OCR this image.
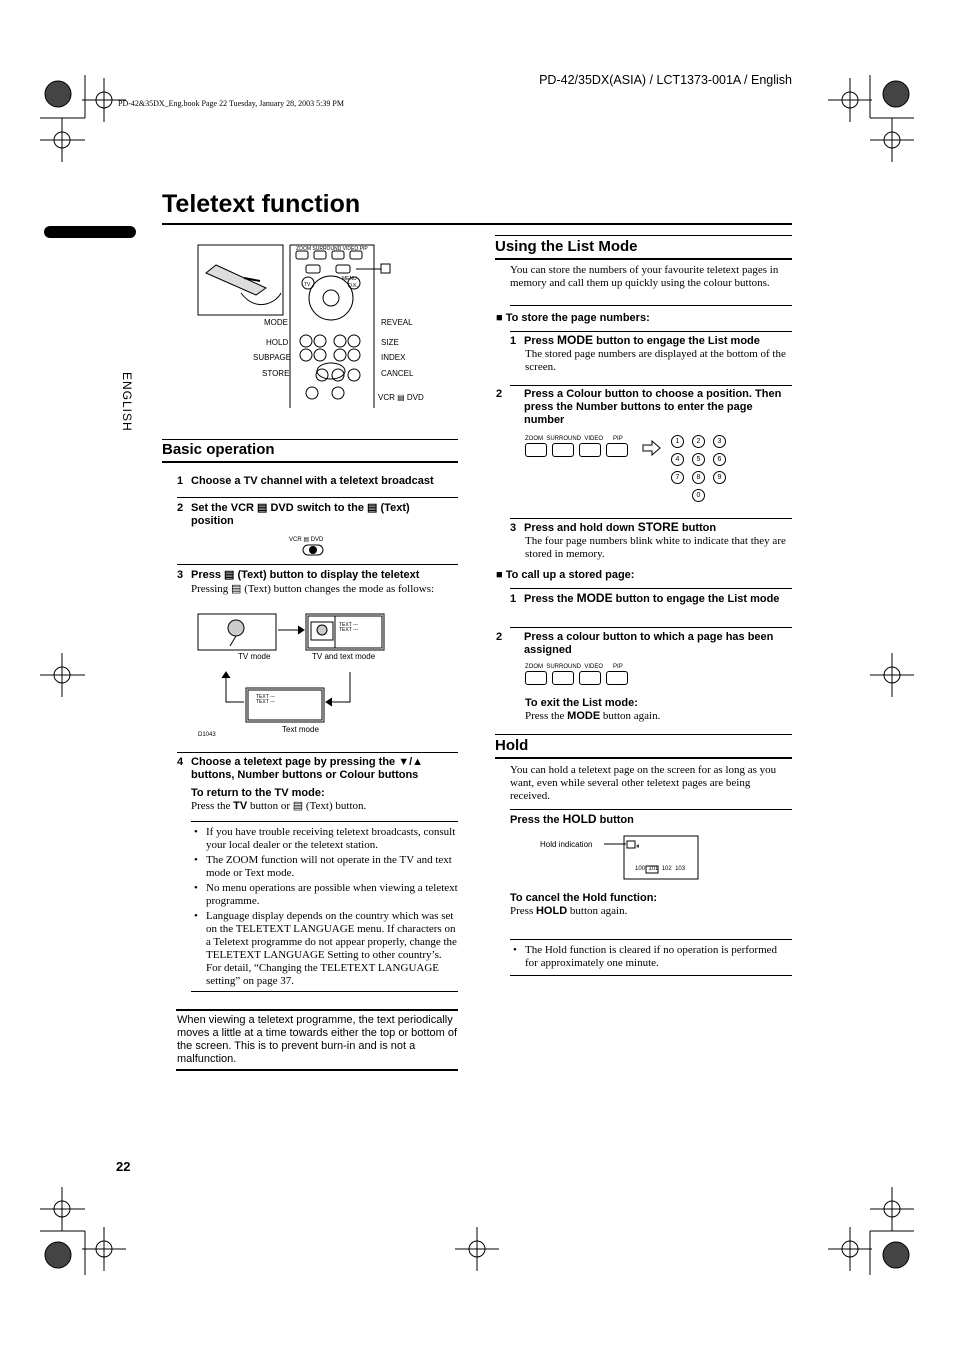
PD-42/35DX(ASIA) / LCT1373-001A / English
PD-42&35DX_Eng.book Page 22 Tuesday, January 28, 2003 5:39 PM
Teletext function
ENGLISH
22
ZOOM SURROUND VIDEO PIP
MENU
TV	O.K.
MODE
HOLD
SUBPAGE
STORE
REVEAL
SIZE
INDEX
CANCEL
VCR ▤ DVD
Basic operation
1 Choose a TV channel with a teletext broadcast
2 Set the VCR ▤ DVD switch to the ▤ (Text)
position
VCR ▤ DVD
3 Press ▤ (Text) button to display the teletext
Pressing ▤ (Text) button changes the mode as follows:
TEXT ---
TEXT ---
TEXT ---
TEXT ---
TV mode	TV and text mode
Text mode
D1043
4 Choose a teletext page by pressing the ▼/▲
buttons, Number buttons or Colour buttons
To return to the TV mode:
Press the TV button or ▤ (Text) button.
• If you have trouble receiving teletext broadcasts, consult your local dealer or the teletext station.
• The ZOOM function will not operate in the TV and text mode or Text mode.
• No menu operations are possible when viewing a teletext programme.
• Language display depends on the country which was set on the TELETEXT LANGUAGE menu. If characters on a Teletext programme do not appear properly, change the TELETEXT LANGUAGE Setting to other country’s. For detail, “Changing the TELETEXT LANGUAGE setting” on page 37.
When viewing a teletext programme, the text periodically moves a little at a time towards either the top or bottom of the screen. This is to prevent burn-in and is not a malfunction.
Using the List Mode
You can store the numbers of your favourite teletext pages in memory and call them up quickly using the colour buttons.
■ To store the page numbers:
1 Press MODE button to engage the List mode
The stored page numbers are displayed at the bottom of the screen.
2 Press a Colour button to choose a position. Then press the Number buttons to enter the page number
ZOOM SURROUND VIDEO PIP	1	2	3
4	5	6
7	8	9
0
3 Press and hold down STORE button
The four page numbers blink white to indicate that they are stored in memory.
■ To call up a stored page:
1 Press the MODE button to engage the List mode
2 Press a colour button to which a page has been assigned
ZOOM SURROUND VIDEO PIP
To exit the List mode:
Press the MODE button again.
Hold
You can hold a teletext page on the screen for as long as you want, even while several other teletext pages are being received.
Press the HOLD button
Hold indication	⏸
100 101 102 103
To cancel the Hold function:
Press HOLD button again.
• The Hold function is cleared if no operation is performed for approximately one minute.
